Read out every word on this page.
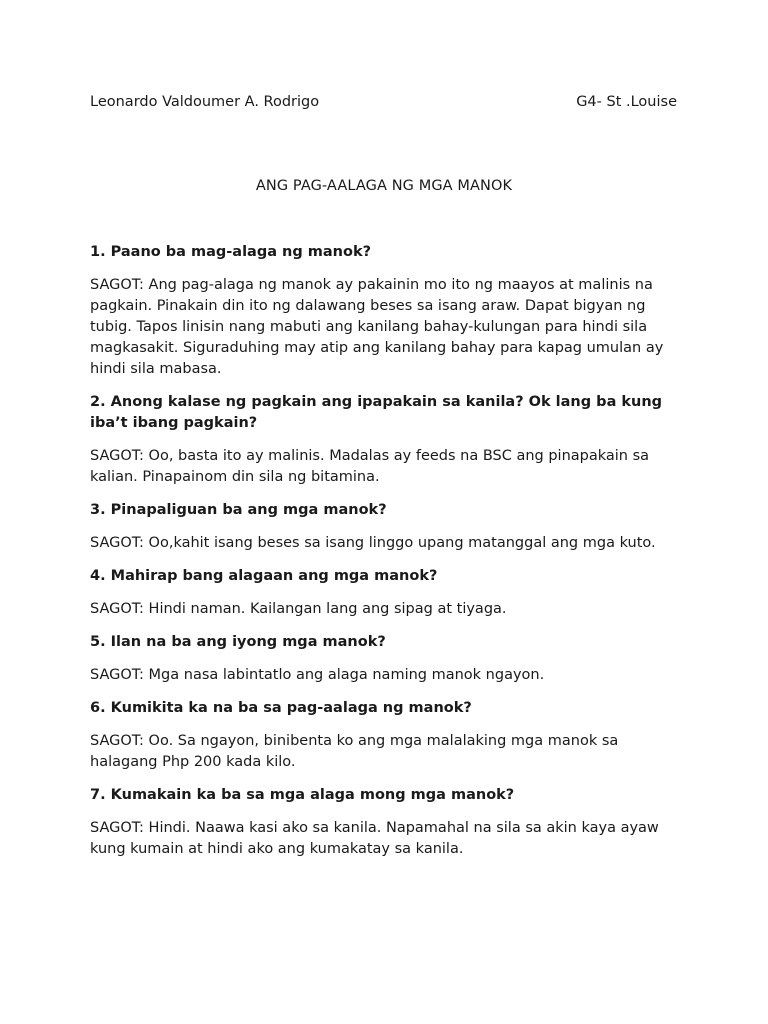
Leonardo Valdoumer A. Rodrigo	G4- St .Louise
ANG PAG-AALAGA NG MGA MANOK

1. Paano ba mag-alaga ng manok?

SAGOT: Ang pag-alaga ng manok ay pakainin mo ito ng maayos at malinis na pagkain. Pinakain din ito ng dalawang beses sa isang araw. Dapat bigyan ng tubig. Tapos linisin nang mabuti ang kanilang bahay-kulungan para hindi sila magkasakit. Siguraduhing may atip ang kanilang bahay para kapag umulan ay hindi sila mabasa.

2. Anong kalase ng pagkain ang ipapakain sa kanila? Ok lang ba kung iba’t ibang pagkain?

SAGOT: Oo, basta ito ay malinis. Madalas ay feeds na BSC ang pinapakain sa kalian. Pinapainom din sila ng bitamina.

3. Pinapaliguan ba ang mga manok?

SAGOT: Oo,kahit isang beses sa isang linggo upang matanggal ang mga kuto.

4. Mahirap bang alagaan ang mga manok?

SAGOT: Hindi naman. Kailangan lang ang sipag at tiyaga.

5. Ilan na ba ang iyong mga manok?

SAGOT: Mga nasa labintatlo ang alaga naming manok ngayon.

6. Kumikita ka na ba sa pag-aalaga ng manok?

SAGOT: Oo. Sa ngayon, binibenta ko ang mga malalaking mga manok sa halagang Php 200 kada kilo.

7. Kumakain ka ba sa mga alaga mong mga manok?

SAGOT: Hindi. Naawa kasi ako sa kanila. Napamahal na sila sa akin kaya ayaw kung kumain at hindi ako ang kumakatay sa kanila.
